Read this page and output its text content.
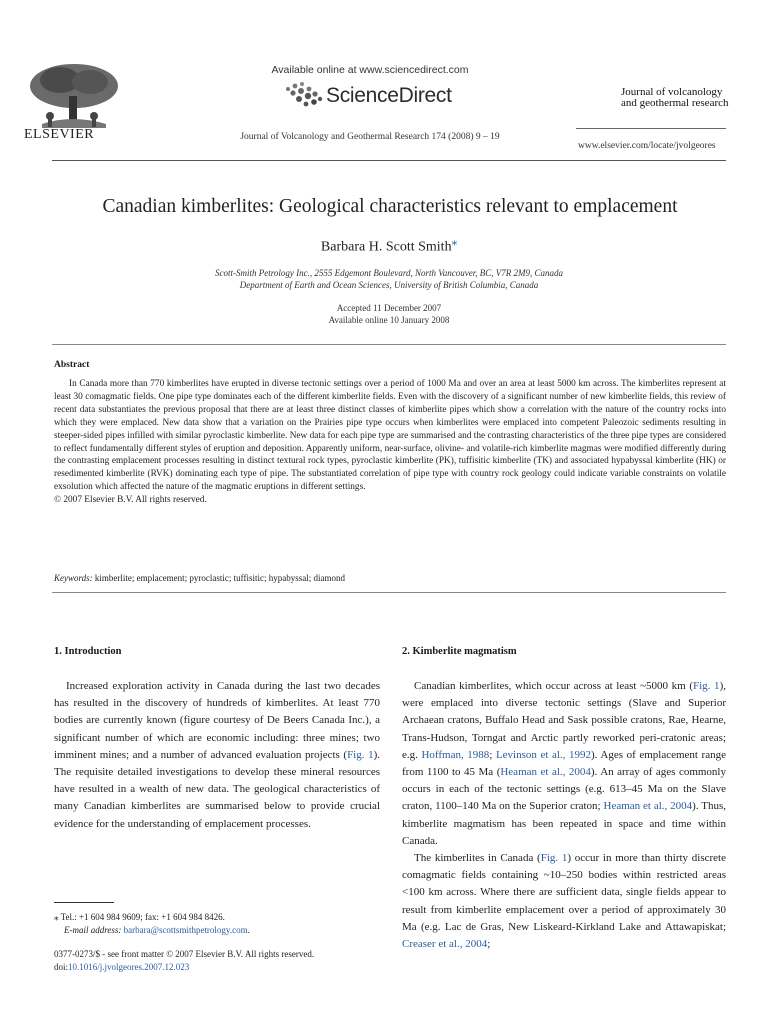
ELSEVIER
Available online at www.sciencedirect.com
ScienceDirect
Journal of Volcanology and Geothermal Research 174 (2008) 9 – 19
Journal of volcanology
and geothermal research
www.elsevier.com/locate/jvolgeores
Canadian kimberlites: Geological characteristics relevant to emplacement
Barbara H. Scott Smith⁎
Scott-Smith Petrology Inc., 2555 Edgemont Boulevard, North Vancouver, BC, V7R 2M9, Canada
Department of Earth and Ocean Sciences, University of British Columbia, Canada
Accepted 11 December 2007
Available online 10 January 2008
Abstract

In Canada more than 770 kimberlites have erupted in diverse tectonic settings over a period of 1000 Ma and over an area at least 5000 km across. The kimberlites represent at least 30 comagmatic fields. One pipe type dominates each of the different kimberlite fields. Even with the discovery of a significant number of new kimberlite fields, this review of recent data substantiates the previous proposal that there are at least three distinct classes of kimberlite pipes which show a correlation with the nature of the country rocks into which they were emplaced. New data show that a variation on the Prairies pipe type occurs when kimberlites were emplaced into competent Paleozoic sediments resulting in steeper-sided pipes infilled with similar pyroclastic kimberlite. New data for each pipe type are summarised and the contrasting characteristics of the three pipe types are considered to reflect fundamentally different styles of eruption and deposition. Apparently uniform, near-surface, olivine- and volatile-rich kimberlite magmas were modified differently during the contrasting emplacement processes resulting in distinct textural rock types, pyroclastic kimberlite (PK), tuffisitic kimberlite (TK) and associated hypabyssal kimberlite (HK) or resedimented kimberlite (RVK) dominating each type of pipe. The substantiated correlation of pipe type with country rock geology could indicate variable constraints on volatile exsolution which affected the nature of the magmatic eruptions in different settings.

© 2007 Elsevier B.V. All rights reserved.

Keywords: kimberlite; emplacement; pyroclastic; tuffisitic; hypabyssal; diamond
1. Introduction

Increased exploration activity in Canada during the last two decades has resulted in the discovery of hundreds of kimberlites. At least 770 bodies are currently known (figure courtesy of De Beers Canada Inc.), a significant number of which are economic including: three mines; two imminent mines; and a number of advanced evaluation projects (Fig. 1). The requisite detailed investigations to develop these mineral resources have resulted in a wealth of new data. The geological characteristics of many Canadian kimberlites are summarised below to provide crucial evidence for the understanding of emplacement processes.

2. Kimberlite magmatism

Canadian kimberlites, which occur across at least ~5000 km (Fig. 1), were emplaced into diverse tectonic settings (Slave and Superior Archaean cratons, Buffalo Head and Sask possible cratons, Rae, Hearne, Trans-Hudson, Torngat and Arctic partly reworked peri-cratonic areas; e.g. Hoffman, 1988; Levinson et al., 1992). Ages of emplacement range from 1100 to 45 Ma (Heaman et al., 2004). An array of ages commonly occurs in each of the tectonic settings (e.g. 613–45 Ma on the Slave craton, 1100–140 Ma on the Superior craton; Heaman et al., 2004). Thus, kimberlite magmatism has been repeated in space and time within Canada.

The kimberlites in Canada (Fig. 1) occur in more than thirty discrete comagmatic fields containing ~10–250 bodies within restricted areas <100 km across. Where there are sufficient data, single fields appear to result from kimberlite emplacement over a period of approximately 30 Ma (e.g. Lac de Gras, New Liskeard-Kirkland Lake and Attawapiskat; Creaser et al., 2004;

⁎ Tel.: +1 604 984 9609; fax: +1 604 984 8426.
E-mail address: barbara@scottsmithpetrology.com.
0377-0273/$ - see front matter © 2007 Elsevier B.V. All rights reserved.
doi:10.1016/j.jvolgeores.2007.12.023
